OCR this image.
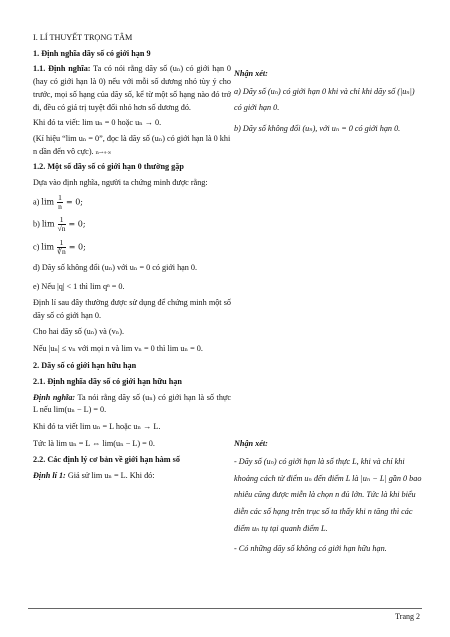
I. LÍ THUYẾT TRỌNG TÂM

1. Định nghĩa dãy số có giới hạn 9

1.1. Định nghĩa: Ta có nói rằng dãy số (uₙ) có giới hạn 0 (hay có giới hạn là 0) nếu với mỗi số dương nhỏ tùy ý cho trước, mọi số hạng của dãy số, kể từ một số hạng nào đó trở đi, đều có giá trị tuyệt đối nhỏ hơn số dương đó.

Khi đó ta viết: lim uₙ = 0 hoặc uₙ → 0.

(Kí hiệu “lim uₙ = 0”, đọc là dãy số (uₙ) có giới hạn là 0 khi n dần đến vô cực). n→+∞

1.2. Một số dãy số có giới hạn 0 thường gặp

Dựa vào định nghĩa, người ta chứng minh được rằng:

a) $\lim \frac{1}{n} = 0$;
b) $\lim \frac{1}{√n} = 0$;
c) $\lim \frac{1}{∛n} = 0$;

d) Dãy số không đổi (uₙ) với uₙ = 0 có giới hạn 0.

e) Nếu |q| < 1 thì lim qⁿ = 0.

Định lí sau đây thường được sử dụng để chứng minh một số dãy số có giới hạn 0.

Cho hai dãy số (uₙ) và (vₙ).

Nếu |uₙ| ≤ vₙ với mọi n và lim vₙ = 0 thì lim uₙ = 0.

2. Dãy số có giới hạn hữu hạn

2.1. Định nghĩa dãy số có giới hạn hữu hạn

Định nghĩa: Ta nói rằng dãy số (uₙ) có giới hạn là số thực L nếu lim(uₙ − L) = 0.

Khi đó ta viết lim uₙ = L hoặc uₙ → L.

Tức là lim uₙ = L ⇔ lim(uₙ − L) = 0.

2.2. Các định lý cơ bản về giới hạn hàm số

Định lí 1: Giả sử lim uₙ = L. Khi đó:

Nhận xét:

a) Dãy số (uₙ) có giới hạn 0 khi và chỉ khi dãy số (|uₙ|) có giới hạn 0.

b) Dãy số không đổi (uₙ), với uₙ = 0 có giới hạn 0.

Nhận xét:

- Dãy số (uₙ) có giới hạn là số thực L, khi và chỉ khi khoảng cách từ điểm uₙ đến điểm L là |uₙ − L| gần 0 bao nhiêu cũng được miễn là chọn n đủ lớn. Tức là khi biểu diễn các số hạng trên trục số ta thấy khi n tăng thì các điểm uₙ tụ tại quanh điểm L.

- Có những dãy số không có giới hạn hữu hạn.

Trang 2
